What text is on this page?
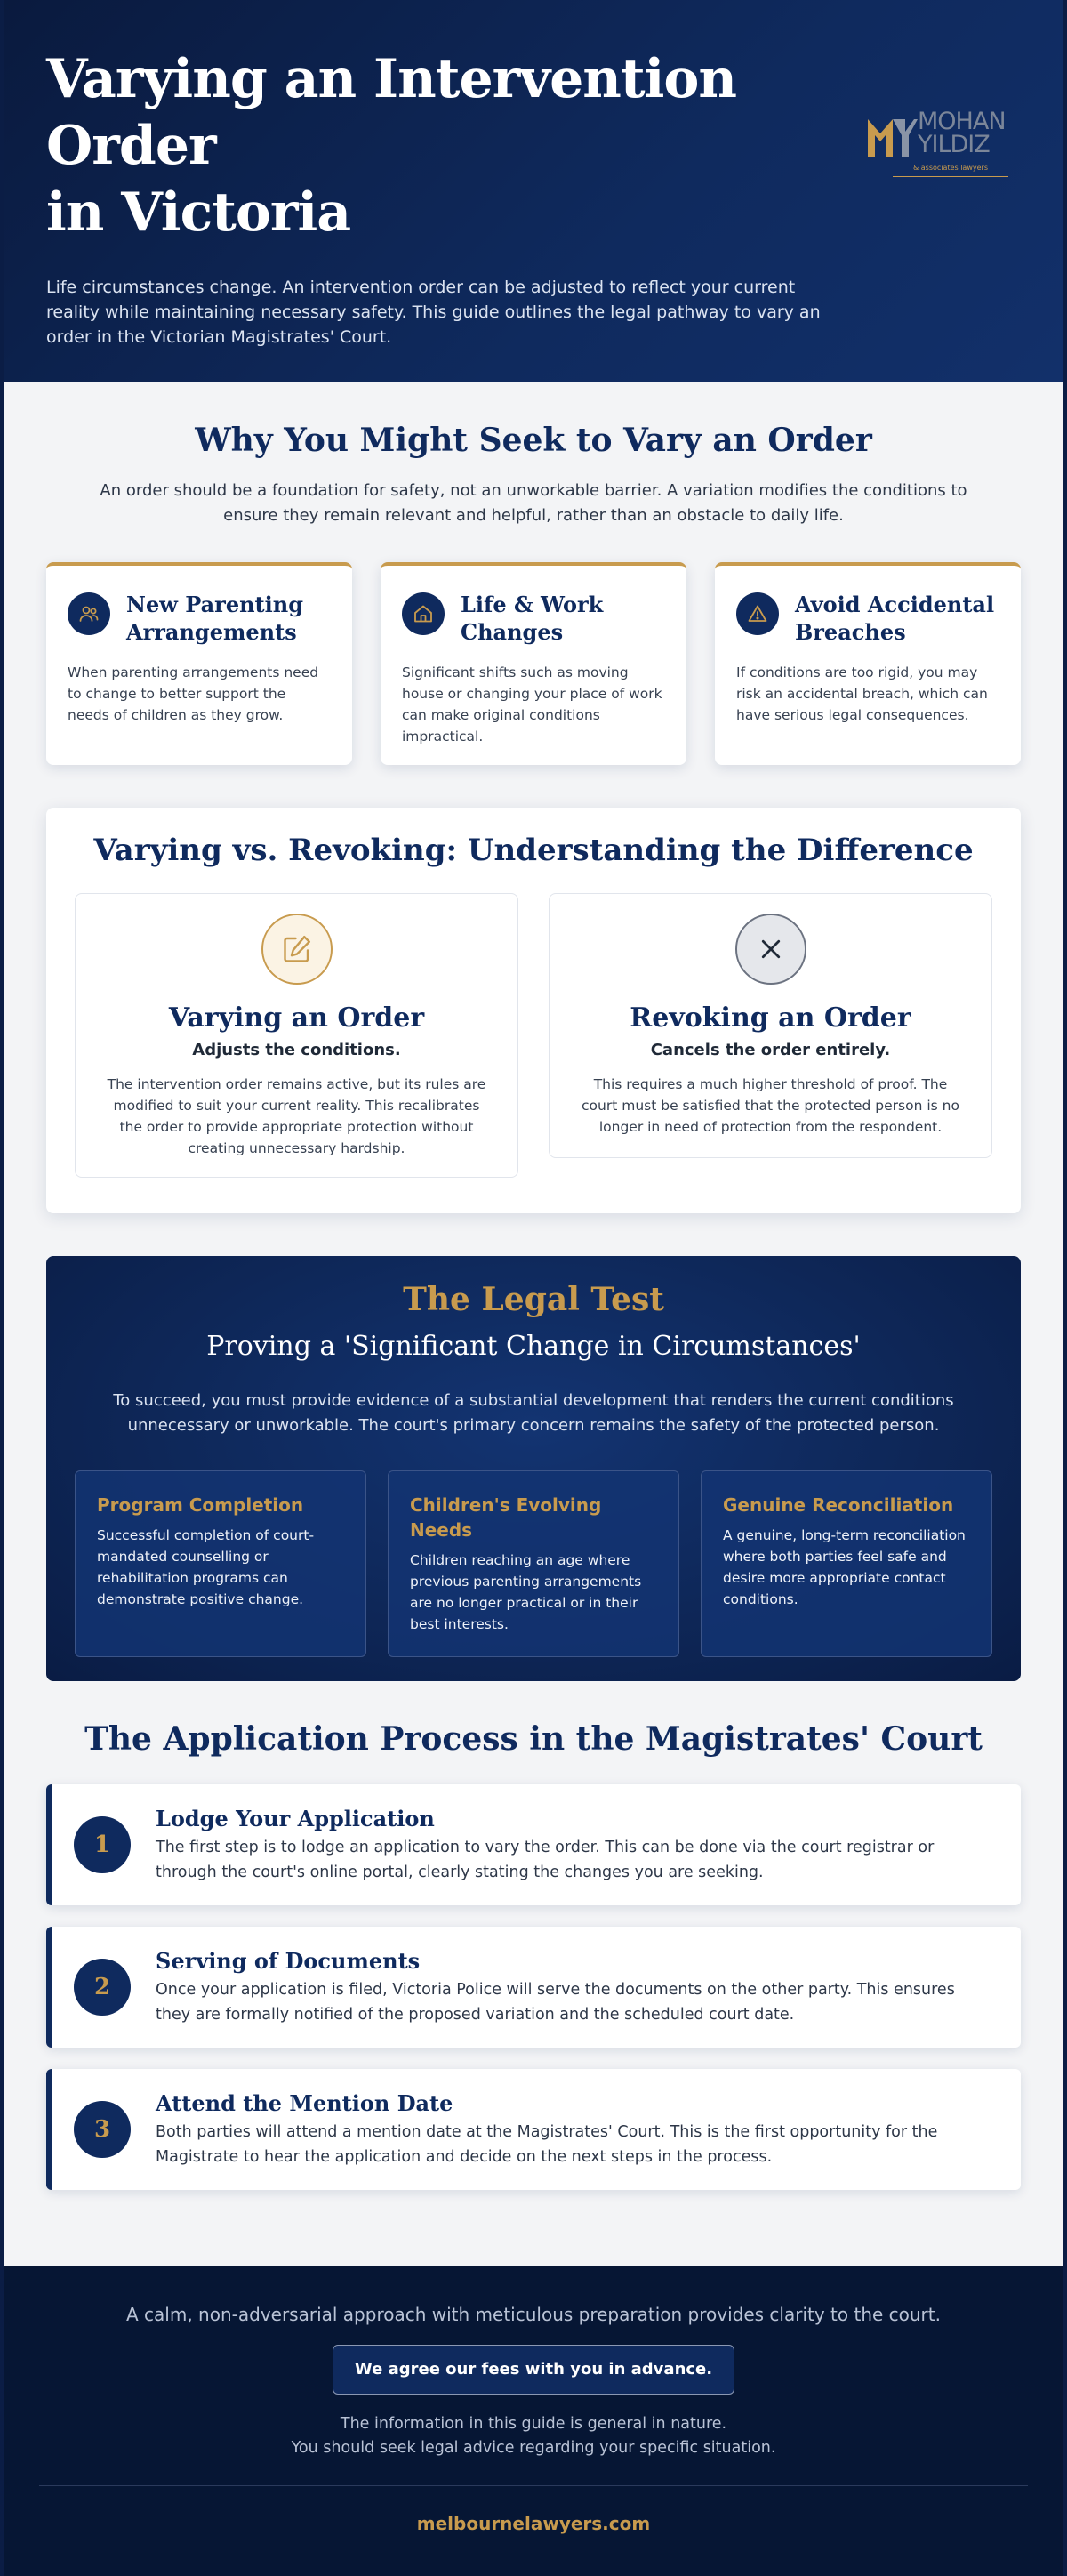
Varying an Intervention
Order
in Victoria

Life circumstances change. An intervention order can be adjusted to reflect your current reality while maintaining necessary safety. This guide outlines the legal pathway to vary an order in the Victorian Magistrates' Court.

MOHAN
YILDIZ
& associates lawyers
Why You Might Seek to Vary an Order

An order should be a foundation for safety, not an unworkable barrier. A variation modifies the conditions to ensure they remain relevant and helpful, rather than an obstacle to daily life.

New Parenting Arrangements

When parenting arrangements need to change to better support the needs of children as they grow.

Life & Work Changes

Significant shifts such as moving house or changing your place of work can make original conditions impractical.

Avoid Accidental Breaches

If conditions are too rigid, you may risk an accidental breach, which can have serious legal consequences.

Varying vs. Revoking: Understanding the Difference
Varying an Order

Adjusts the conditions.

The intervention order remains active, but its rules are modified to suit your current reality. This recalibrates the order to provide appropriate protection without creating unnecessary hardship.

Revoking an Order

Cancels the order entirely.

This requires a much higher threshold of proof. The court must be satisfied that the protected person is no longer in need of protection from the respondent.

The Legal Test

Proving a 'Significant Change in Circumstances'

To succeed, you must provide evidence of a substantial development that renders the current conditions unnecessary or unworkable. The court's primary concern remains the safety of the protected person.

Program Completion

Successful completion of court-mandated counselling or rehabilitation programs can demonstrate positive change.

Children's Evolving Needs

Children reaching an age where previous parenting arrangements are no longer practical or in their best interests.

Genuine Reconciliation

A genuine, long-term reconciliation where both parties feel safe and desire more appropriate contact conditions.

The Application Process in the Magistrates' Court
1
Lodge Your Application

The first step is to lodge an application to vary the order. This can be done via the court registrar or through the court's online portal, clearly stating the changes you are seeking.

2
Serving of Documents

Once your application is filed, Victoria Police will serve the documents on the other party. This ensures they are formally notified of the proposed variation and the scheduled court date.

3
Attend the Mention Date

Both parties will attend a mention date at the Magistrates' Court. This is the first opportunity for the Magistrate to hear the application and decide on the next steps in the process.

A calm, non-adversarial approach with meticulous preparation provides clarity to the court.

We agree our fees with you in advance.

The information in this guide is general in nature.
You should seek legal advice regarding your specific situation.

melbournelawyers.com
